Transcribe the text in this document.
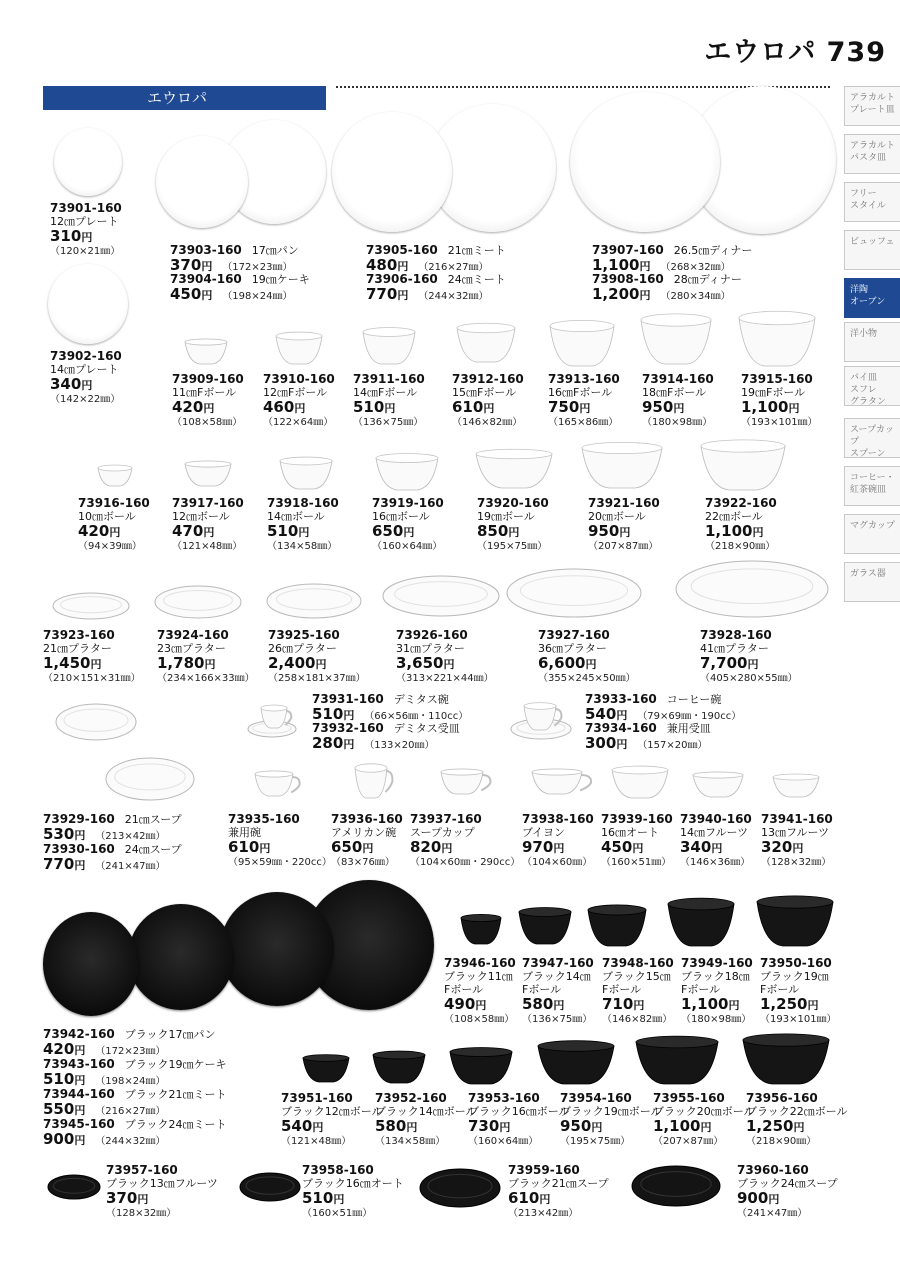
エウロパ 739
エウロパ	アラカルト
プレート皿
アラカルト
パスタ皿
フリー
スタイル
ビュッフェ
洋陶
オーブン
洋小物
パイ皿
スフレ
グラタン
スープカップ
スプーン
コーヒー・
紅茶碗皿
マグカップ
ガラス器
73901-160
12㎝プレート
310円
（120×21㎜）
73902-160
14㎝プレート
340円
（142×22㎜）
73903-160 17㎝パン
370円 （172×23㎜）
73904-160 19㎝ケーキ
450円 （198×24㎜）
73905-160 21㎝ミート
480円 （216×27㎜）
73906-160 24㎝ミート
770円 （244×32㎜）
73907-160 26.5㎝ディナー
1,100円 （268×32㎜）
73908-160 28㎝ディナー
1,200円 （280×34㎜）
73909-160
11㎝Fボール
420円
（108×58㎜）
73910-160
12㎝Fボール
460円
（122×64㎜）
73911-160
14㎝Fボール
510円
（136×75㎜）
73912-160
15㎝Fボール
610円
（146×82㎜）
73913-160
16㎝Fボール
750円
（165×86㎜）
73914-160
18㎝Fボール
950円
（180×98㎜）
73915-160
19㎝Fボール
1,100円
（193×101㎜）
73916-160
10㎝ボール
420円
（94×39㎜）
73917-160
12㎝ボール
470円
（121×48㎜）
73918-160
14㎝ボール
510円
（134×58㎜）
73919-160
16㎝ボール
650円
（160×64㎜）
73920-160
19㎝ボール
850円
（195×75㎜）
73921-160
20㎝ボール
950円
（207×87㎜）
73922-160
22㎝ボール
1,100円
（218×90㎜）
73923-160
21㎝プラター
1,450円
（210×151×31㎜）
73924-160
23㎝プラター
1,780円
（234×166×33㎜）
73925-160
26㎝プラター
2,400円
（258×181×37㎜）
73926-160
31㎝プラター
3,650円
（313×221×44㎜）
73927-160
36㎝プラター
6,600円
（355×245×50㎜）
73928-160
41㎝プラター
7,700円
（405×280×55㎜）
73931-160 デミタス碗
510円 （66×56㎜・110cc）
73932-160 デミタス受皿
280円 （133×20㎜）
73933-160 コーヒー碗
540円 （79×69㎜・190cc）
73934-160 兼用受皿
300円 （157×20㎜）
73929-160 21㎝スープ
530円 （213×42㎜）
73930-160 24㎝スープ
770円 （241×47㎜）
73935-160
兼用碗
610円
（95×59㎜・220cc）
73936-160
アメリカン碗
650円
（83×76㎜）
73937-160
スープカップ
820円
（104×60㎜・290cc）
73938-160
ブイヨン
970円
（104×60㎜）
73939-160
16㎝オート
450円
（160×51㎜）
73940-160
14㎝フルーツ
340円
（146×36㎜）
73941-160
13㎝フルーツ
320円
（128×32㎜）
73942-160 ブラック17㎝パン
420円 （172×23㎜）
73943-160 ブラック19㎝ケーキ
510円 （198×24㎜）
73944-160 ブラック21㎝ミート
550円 （216×27㎜）
73945-160 ブラック24㎝ミート
900円 （244×32㎜）
73946-160
ブラック11㎝
Fボール
490円
（108×58㎜）
73947-160
ブラック14㎝
Fボール
580円
（136×75㎜）
73948-160
ブラック15㎝
Fボール
710円
（146×82㎜）
73949-160
ブラック18㎝
Fボール
1,100円
（180×98㎜）
73950-160
ブラック19㎝
Fボール
1,250円
（193×101㎜）
73951-160
ブラック12㎝ボール
540円
（121×48㎜）
73952-160
ブラック14㎝ボール
580円
（134×58㎜）
73953-160
ブラック16㎝ボール
730円
（160×64㎜）
73954-160
ブラック19㎝ボール
950円
（195×75㎜）
73955-160
ブラック20㎝ボール
1,100円
（207×87㎜）
73956-160
ブラック22㎝ボール
1,250円
（218×90㎜）
73957-160
ブラック13㎝フルーツ
370円
（128×32㎜）
73958-160
ブラック16㎝オート
510円
（160×51㎜）
73959-160
ブラック21㎝スープ
610円
（213×42㎜）
73960-160
ブラック24㎝スープ
900円
（241×47㎜）
